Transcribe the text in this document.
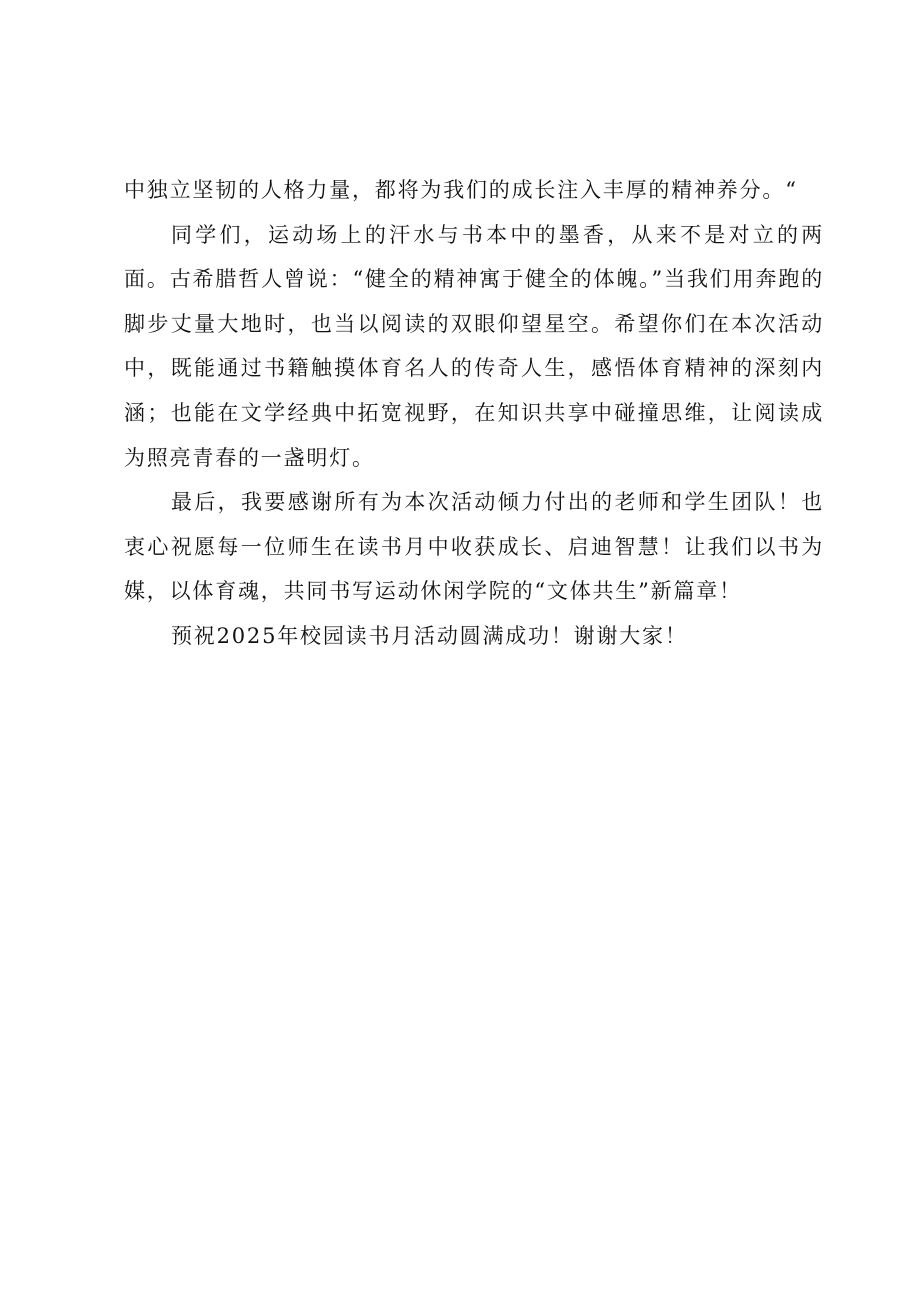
中独立坚韧的人格力量，都将为我们的成长注入丰厚的精神养分。“

同学们，运动场上的汗水与书本中的墨香，从来不是对立的两面。古希腊哲人曾说：“健全的精神寓于健全的体魄。”当我们用奔跑的脚步丈量大地时，也当以阅读的双眼仰望星空。希望你们在本次活动中，既能通过书籍触摸体育名人的传奇人生，感悟体育精神的深刻内涵；也能在文学经典中拓宽视野，在知识共享中碰撞思维，让阅读成为照亮青春的一盏明灯。

最后，我要感谢所有为本次活动倾力付出的老师和学生团队！也衷心祝愿每一位师生在读书月中收获成长、启迪智慧！让我们以书为媒，以体育魂，共同书写运动休闲学院的“文体共生”新篇章！

预祝2025年校园读书月活动圆满成功！谢谢大家！
